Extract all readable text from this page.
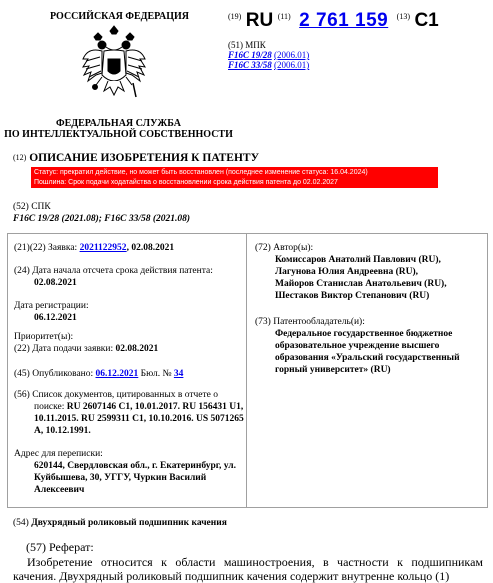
РОССИЙСКАЯ ФЕДЕРАЦИЯ
ФЕДЕРАЛЬНАЯ СЛУЖБА
ПО ИНТЕЛЛЕКТУАЛЬНОЙ СОБСТВЕННОСТИ
$^{(19)}$ RU $^{(11)}$ 2 761 159 $^{(13)}$ C1
(51) МПК
F16C 19/28 (2006.01)
F16C 33/58 (2006.01)
(12) ОПИСАНИЕ ИЗОБРЕТЕНИЯ К ПАТЕНТУ
Статус: прекратил действие, но может быть восстановлен (последнее изменение статуса: 16.04.2024)
Пошлина: Срок подачи ходатайства о восстановлении срока действия патента до 02.02.2027
(52) СПК
F16C 19/28 (2021.08); F16C 33/58 (2021.08)
(21)(22) Заявка: 2021122952, 02.08.2021
(24) Дата начала отсчета срока действия патента:
02.08.2021
Дата регистрации:
06.12.2021
Приоритет(ы):
(22) Дата подачи заявки: 02.08.2021
(45) Опубликовано: 06.12.2021 Бюл. № 34
(56) Список документов, цитированных в отчете о поиске: RU 2607146 C1, 10.01.2017. RU 156431 U1, 10.11.2015. RU 2599311 C1, 10.10.2016. US 5071265 A, 10.12.1991.
Адрес для переписки:

620144, Свердловская обл., г. Екатеринбург, ул. Куйбышева, 30, УГГУ, Чуркин Василий Алексеевич
(72) Автор(ы):
Комиссаров Анатолий Павлович (RU),
Лагунова Юлия Андреевна (RU),
Майоров Станислав Анатольевич (RU),
Шестаков Виктор Степанович (RU)
(73) Патентообладатель(и):
Федеральное государственное бюджетное образовательное учреждение высшего образования «Уральский государственный горный университет» (RU)
(54) Двухрядный роликовый подшипник качения
(57) Реферат:
Изобретение относится к области машиностроения, в частности к подшипникам качения. Двухрядный роликовый подшипник качения содержит внутренне кольцо (1)
